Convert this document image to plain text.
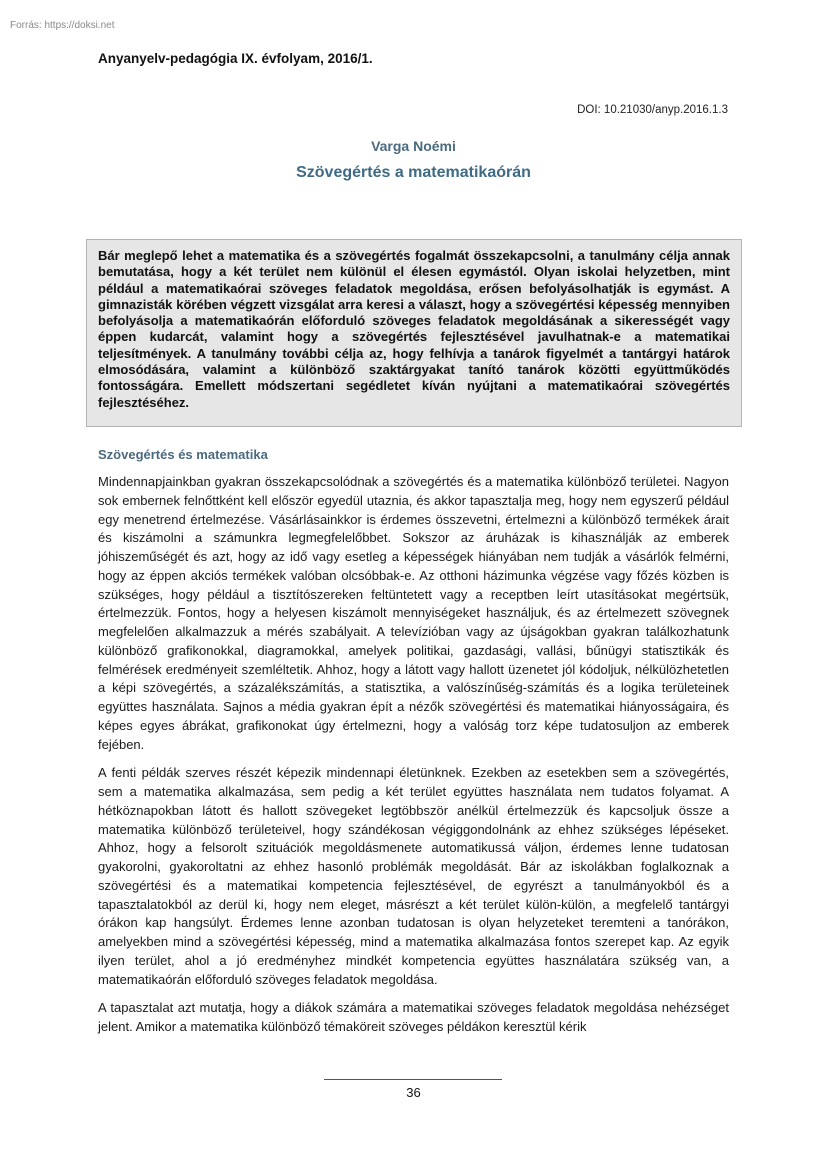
Forrás: https://doksi.net
Anyanyelv-pedagógia IX. évfolyam, 2016/1.
DOI: 10.21030/anyp.2016.1.3
Varga Noémi
Szövegértés a matematikaórán

Bár meglepő lehet a matematika és a szövegértés fogalmát összekapcsolni, a tanulmány célja annak bemutatása, hogy a két terület nem különül el élesen egymástól. Olyan iskolai helyzetben, mint például a matematikaórai szöveges feladatok megoldása, erősen befolyásolhatják is egymást. A gimnazisták körében végzett vizsgálat arra keresi a választ, hogy a szövegértési képesség mennyiben befolyásolja a matematikaórán előforduló szöveges feladatok megoldásának a sikerességét vagy éppen kudarcát, valamint hogy a szövegértés fejlesztésével javulhatnak-e a matematikai teljesítmények. A tanulmány további célja az, hogy felhívja a tanárok figyelmét a tantárgyi határok elmosódására, valamint a különböző szaktárgyakat tanító tanárok közötti együttműködés fontosságára. Emellett módszertani segédletet kíván nyújtani a matematikaórai szövegértés fejlesztéséhez.

Szövegértés és matematika

Mindennapjainkban gyakran összekapcsolódnak a szövegértés és a matematika különböző területei. Nagyon sok embernek felnőttként kell először egyedül utaznia, és akkor tapasztalja meg, hogy nem egyszerű például egy menetrend értelmezése. Vásárlásainkkor is érdemes összevetni, értelmezni a különböző termékek árait és kiszámolni a számunkra legmegfelelőbbet. Sokszor az áruházak is kihasználják az emberek jóhiszeműségét és azt, hogy az idő vagy esetleg a képességek hiányában nem tudják a vásárlók felmérni, hogy az éppen akciós termékek valóban olcsóbbak-e. Az otthoni házimunka végzése vagy főzés közben is szükséges, hogy például a tisztítószereken feltüntetett vagy a receptben leírt utasításokat megértsük, értelmezzük. Fontos, hogy a helyesen kiszámolt mennyiségeket használjuk, és az értelmezett szövegnek megfelelően alkalmazzuk a mérés szabályait. A televízióban vagy az újságokban gyakran találkozhatunk különböző grafikonokkal, diagramokkal, amelyek politikai, gazdasági, vallási, bűnügyi statisztikák és felmérések eredményeit szemléltetik. Ahhoz, hogy a látott vagy hallott üzenetet jól kódoljuk, nélkülözhetetlen a képi szövegértés, a százalékszámítás, a statisztika, a valószínűség-számítás és a logika területeinek együttes használata. Sajnos a média gyakran épít a nézők szövegértési és matematikai hiányosságaira, és képes egyes ábrákat, grafikonokat úgy értelmezni, hogy a valóság torz képe tudatosuljon az emberek fejében.

A fenti példák szerves részét képezik mindennapi életünknek. Ezekben az esetekben sem a szövegértés, sem a matematika alkalmazása, sem pedig a két terület együttes használata nem tudatos folyamat. A hétköznapokban látott és hallott szövegeket legtöbbször anélkül értelmezzük és kapcsoljuk össze a matematika különböző területeivel, hogy szándékosan végiggondolnánk az ehhez szükséges lépéseket. Ahhoz, hogy a felsorolt szituációk megoldásmenete automatikussá váljon, érdemes lenne tudatosan gyakorolni, gyakoroltatni az ehhez hasonló problémák megoldását. Bár az iskolákban foglalkoznak a szövegértési és a matematikai kompetencia fejlesztésével, de egyrészt a tanulmányokból és a tapasztalatokból az derül ki, hogy nem eleget, másrészt a két terület külön-külön, a megfelelő tantárgyi órákon kap hangsúlyt. Érdemes lenne azonban tudatosan is olyan helyzeteket teremteni a tanórákon, amelyekben mind a szövegértési képesség, mind a matematika alkalmazása fontos szerepet kap. Az egyik ilyen terület, ahol a jó eredményhez mindkét kompetencia együttes használatára szükség van, a matematikaórán előforduló szöveges feladatok megoldása.

A tapasztalat azt mutatja, hogy a diákok számára a matematikai szöveges feladatok megoldása nehézséget jelent. Amikor a matematika különböző témaköreit szöveges példákon keresztül kérik

36
